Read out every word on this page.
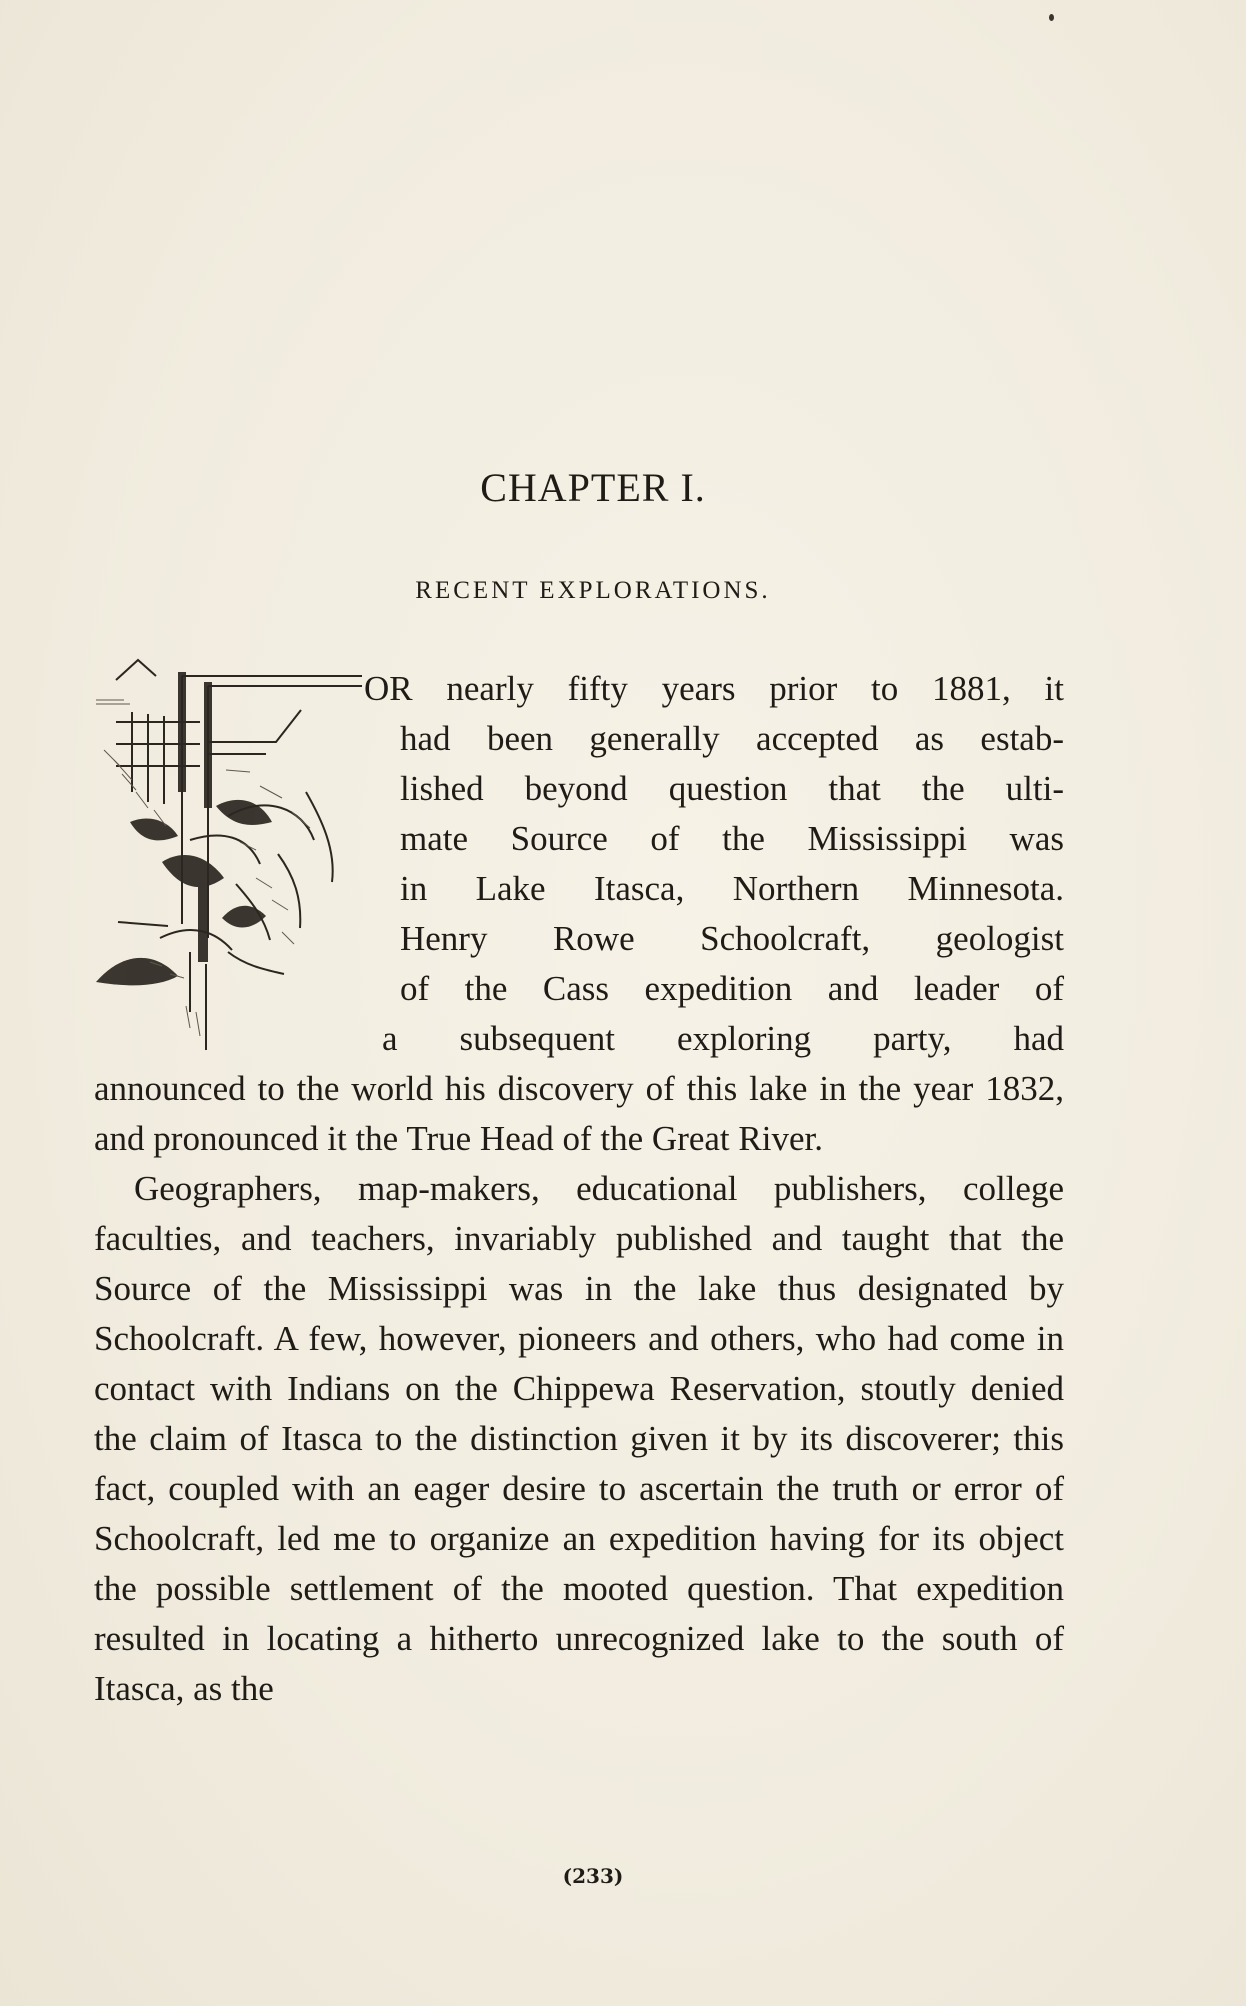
CHAPTER I.
RECENT EXPLORATIONS.
OR nearly fifty years prior to 1881, it
had been generally accepted as estab-
lished beyond question that the ulti-
mate Source of the Mississippi was
in Lake Itasca, Northern Minnesota.
Henry Rowe Schoolcraft, geologist
of the Cass expedition and leader of
a subsequent exploring party, had
announced to the world his discovery of this lake in the year 1832, and pronounced it the True Head of the Great River.
Geographers, map-makers, educational publishers, college faculties, and teachers, invariably published and taught that the Source of the Mississippi was in the lake thus designated by Schoolcraft. A few, however, pioneers and others, who had come in contact with Indians on the Chippewa Reservation, stoutly denied the claim of Itasca to the distinction given it by its discoverer; this fact, coupled with an eager desire to ascertain the truth or error of Schoolcraft, led me to organize an expedition having for its object the possible settlement of the mooted question. That expedition resulted in locating a hitherto unrecognized lake to the south of Itasca, as the
(233)
